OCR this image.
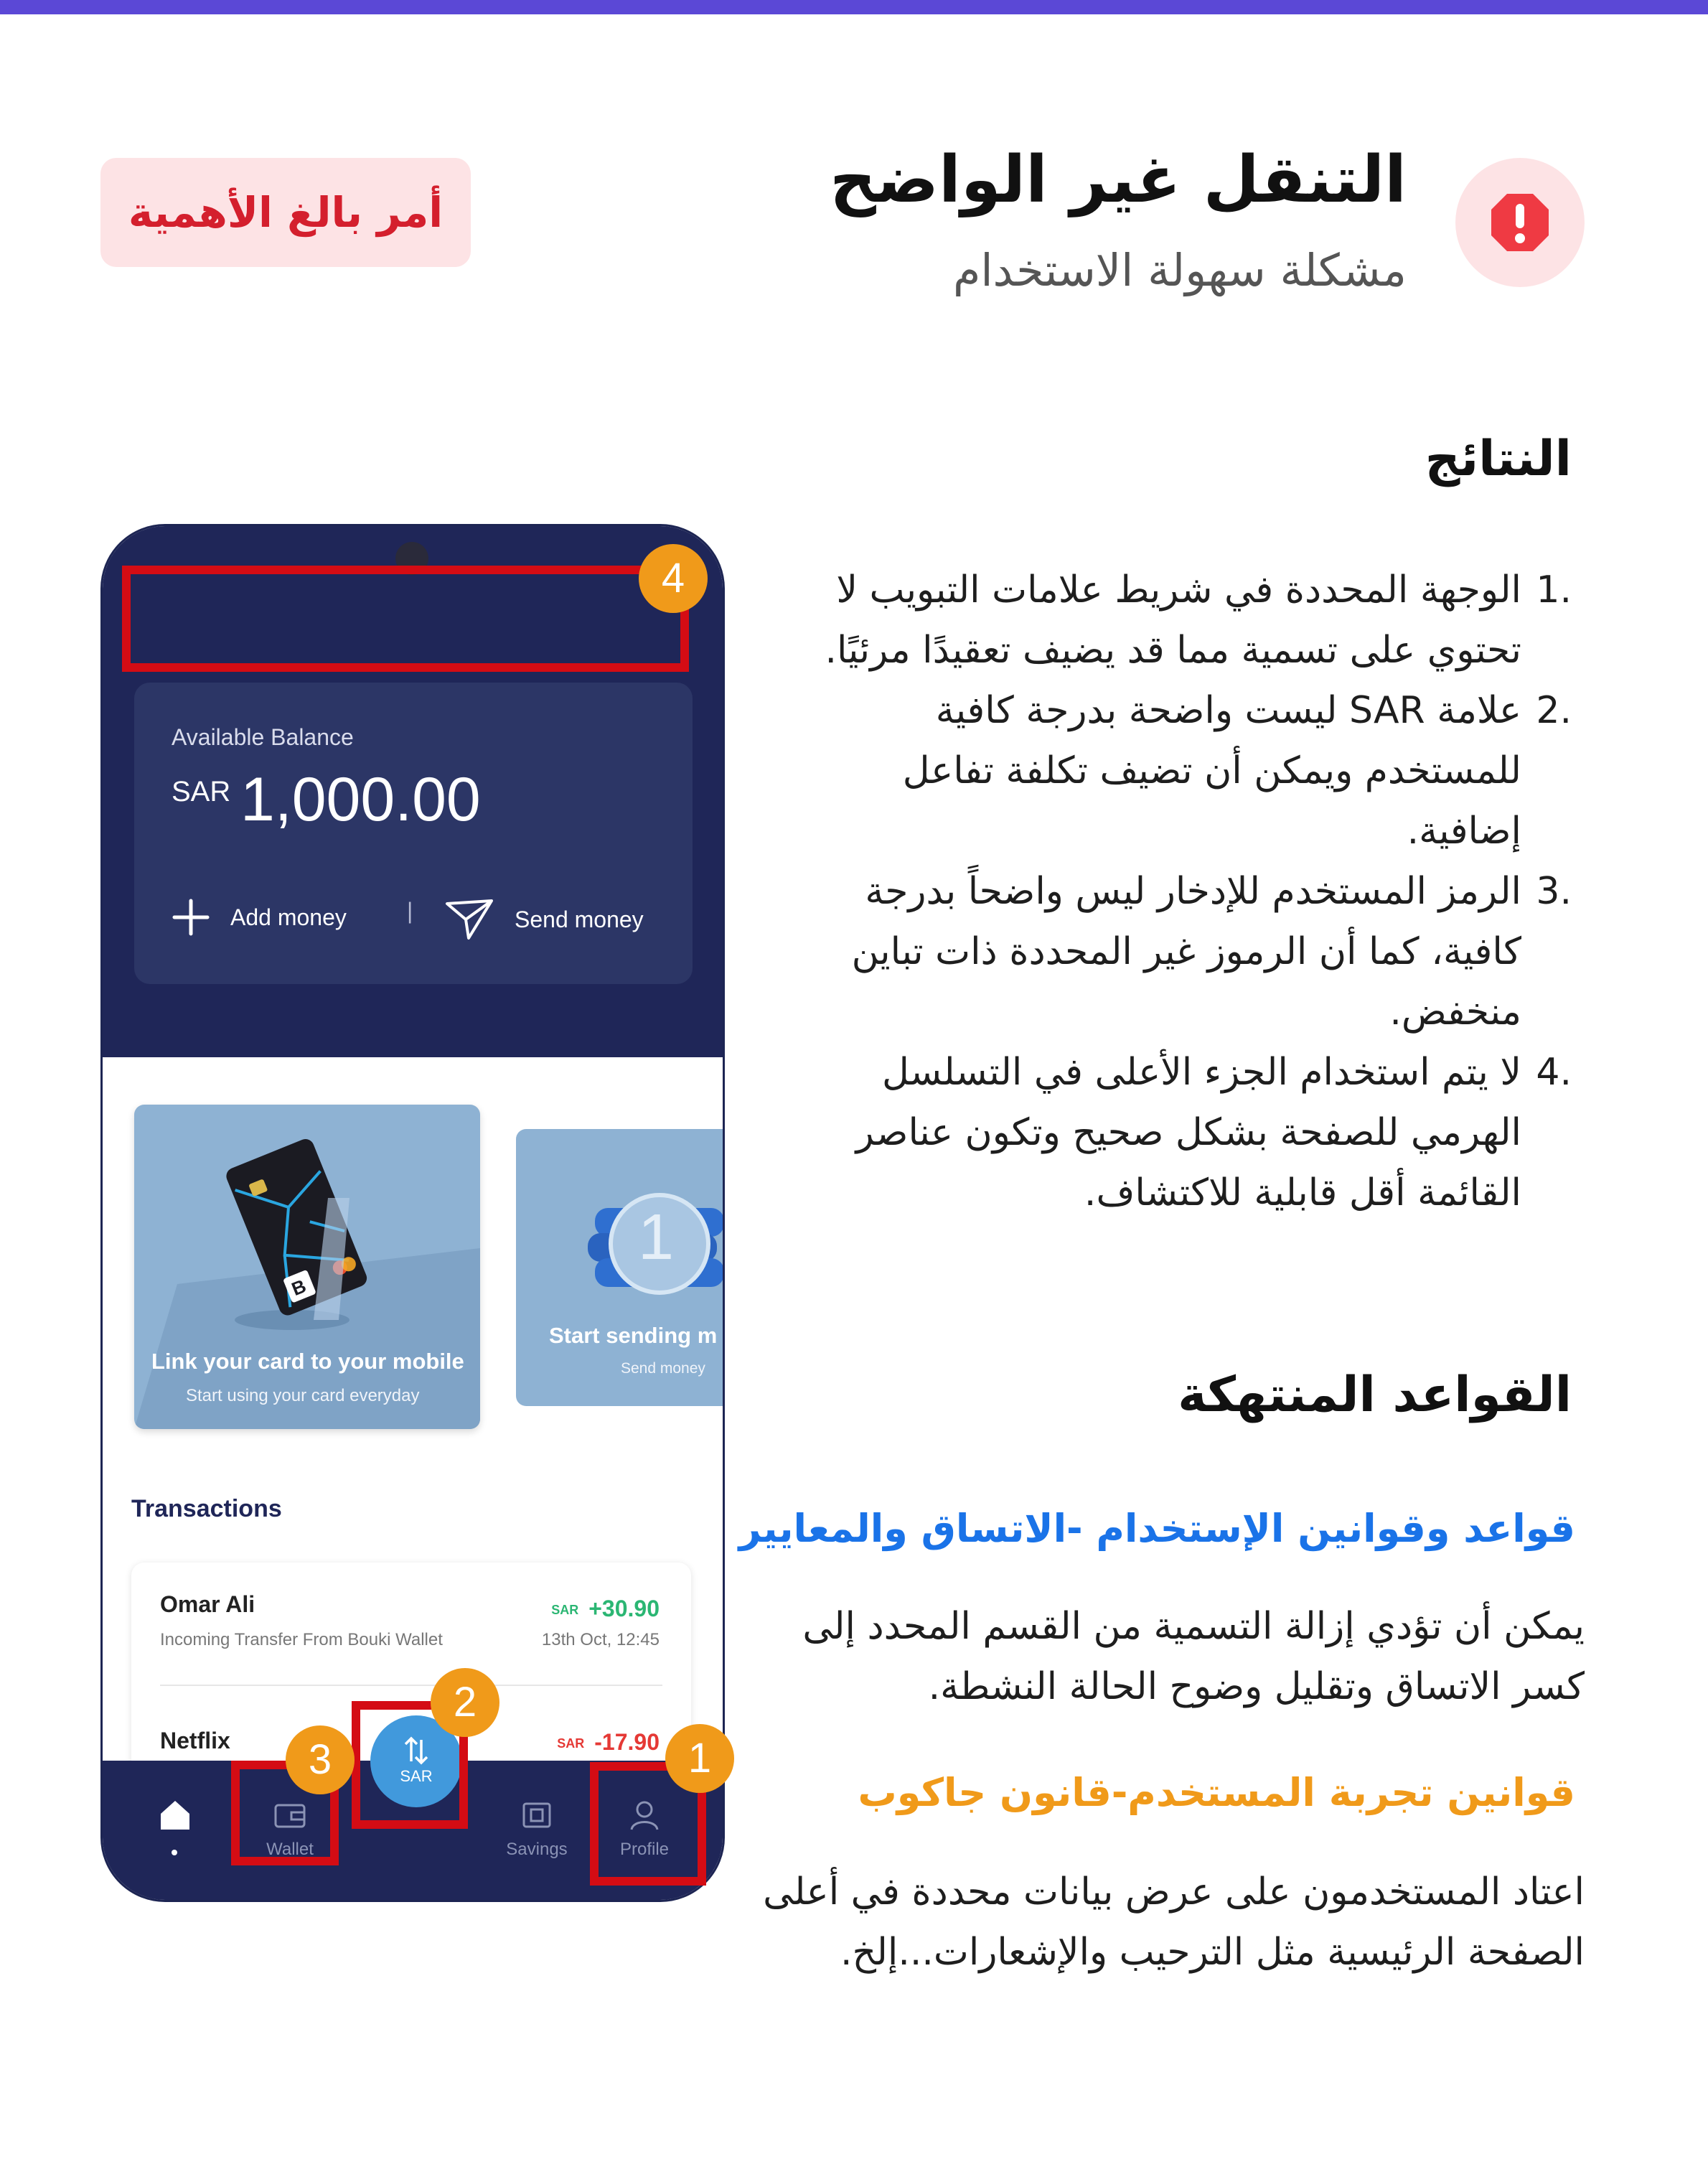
أمر بالغ الأهمية	التنقل غير الواضح
مشكلة سهولة الاستخدام
النتائج
.1
الوجهة المحددة في شريط علامات التبويب لا تحتوي على تسمية مما قد يضيف تعقيدًا مرئيًا.
.2
علامة SAR ليست واضحة بدرجة كافية للمستخدم ويمكن أن تضيف تكلفة تفاعل إضافية.
.3
الرمز المستخدم للإدخار ليس واضحاً بدرجة كافية، كما أن الرموز غير المحددة ذات تباين منخفض.
.4
لا يتم استخدام الجزء الأعلى في التسلسل الهرمي للصفحة بشكل صحيح وتكون عناصر القائمة أقل قابلية للاكتشاف.
القواعد المنتهكة
قواعد وقوانين الإستخدام -الاتساق والمعايير
يمكن أن تؤدي إزالة التسمية من القسم المحدد إلى كسر الاتساق وتقليل وضوح الحالة النشطة.
قوانين تجربة المستخدم-قانون جاكوب
اعتاد المستخدمون على عرض بيانات محددة في أعلى الصفحة الرئيسية مثل الترحيب والإشعارات...إلخ.
Available Balance
SAR 1,000.00
Add money	|	Send money
B
Link your card to your mobile
Start using your card everyday
1
Start sending m
Send money
Transactions
Omar Ali
Incoming Transfer From Bouki Wallet
SAR +30.90
13th Oct, 12:45
Netflix	SAR -17.90
Wallet	Savings	Profile
SAR
4
1
2
3
